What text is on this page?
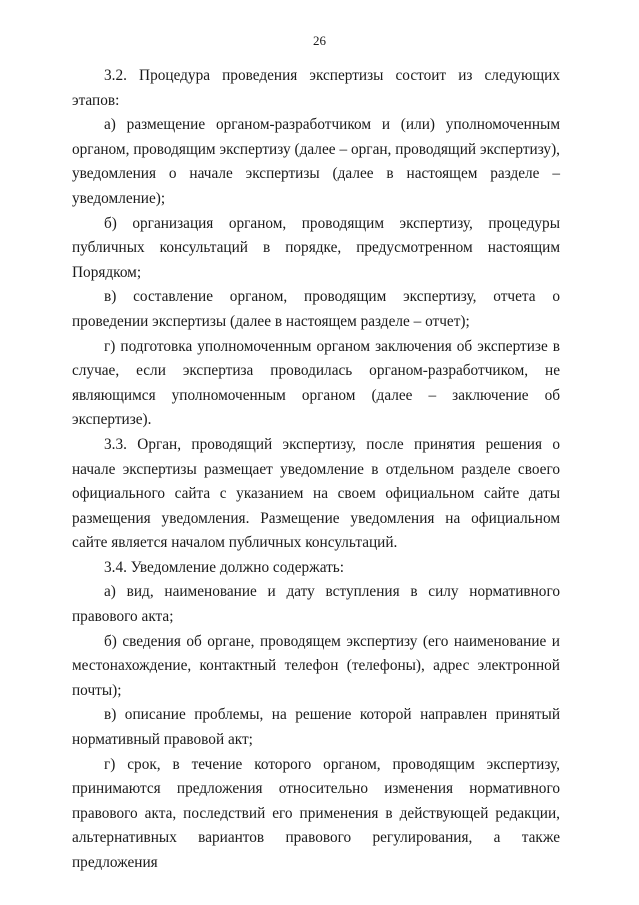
26

3.2. Процедура проведения экспертизы состоит из следующих этапов:

а) размещение органом-разработчиком и (или) уполномоченным органом, проводящим экспертизу (далее – орган, проводящий экспертизу), уведомления о начале экспертизы (далее в настоящем разделе – уведомление);

б) организация органом, проводящим экспертизу, процедуры публичных консультаций в порядке, предусмотренном настоящим Порядком;

в) составление органом, проводящим экспертизу, отчета о проведении экспертизы (далее в настоящем разделе – отчет);

г) подготовка уполномоченным органом заключения об экспертизе в случае, если экспертиза проводилась органом-разработчиком, не являющимся уполномоченным органом (далее – заключение об экспертизе).

3.3. Орган, проводящий экспертизу, после принятия решения о начале экспертизы размещает уведомление в отдельном разделе своего официального сайта с указанием на своем официальном сайте даты размещения уведомления. Размещение уведомления на официальном сайте является началом публичных консультаций.

3.4. Уведомление должно содержать:

а) вид, наименование и дату вступления в силу нормативного правового акта;

б) сведения об органе, проводящем экспертизу (его наименование и местонахождение, контактный телефон (телефоны), адрес электронной почты);

в) описание проблемы, на решение которой направлен принятый нормативный правовой акт;

г) срок, в течение которого органом, проводящим экспертизу, принимаются предложения относительно изменения нормативного правового акта, последствий его применения в действующей редакции, альтернативных вариантов правового регулирования, а также предложения
